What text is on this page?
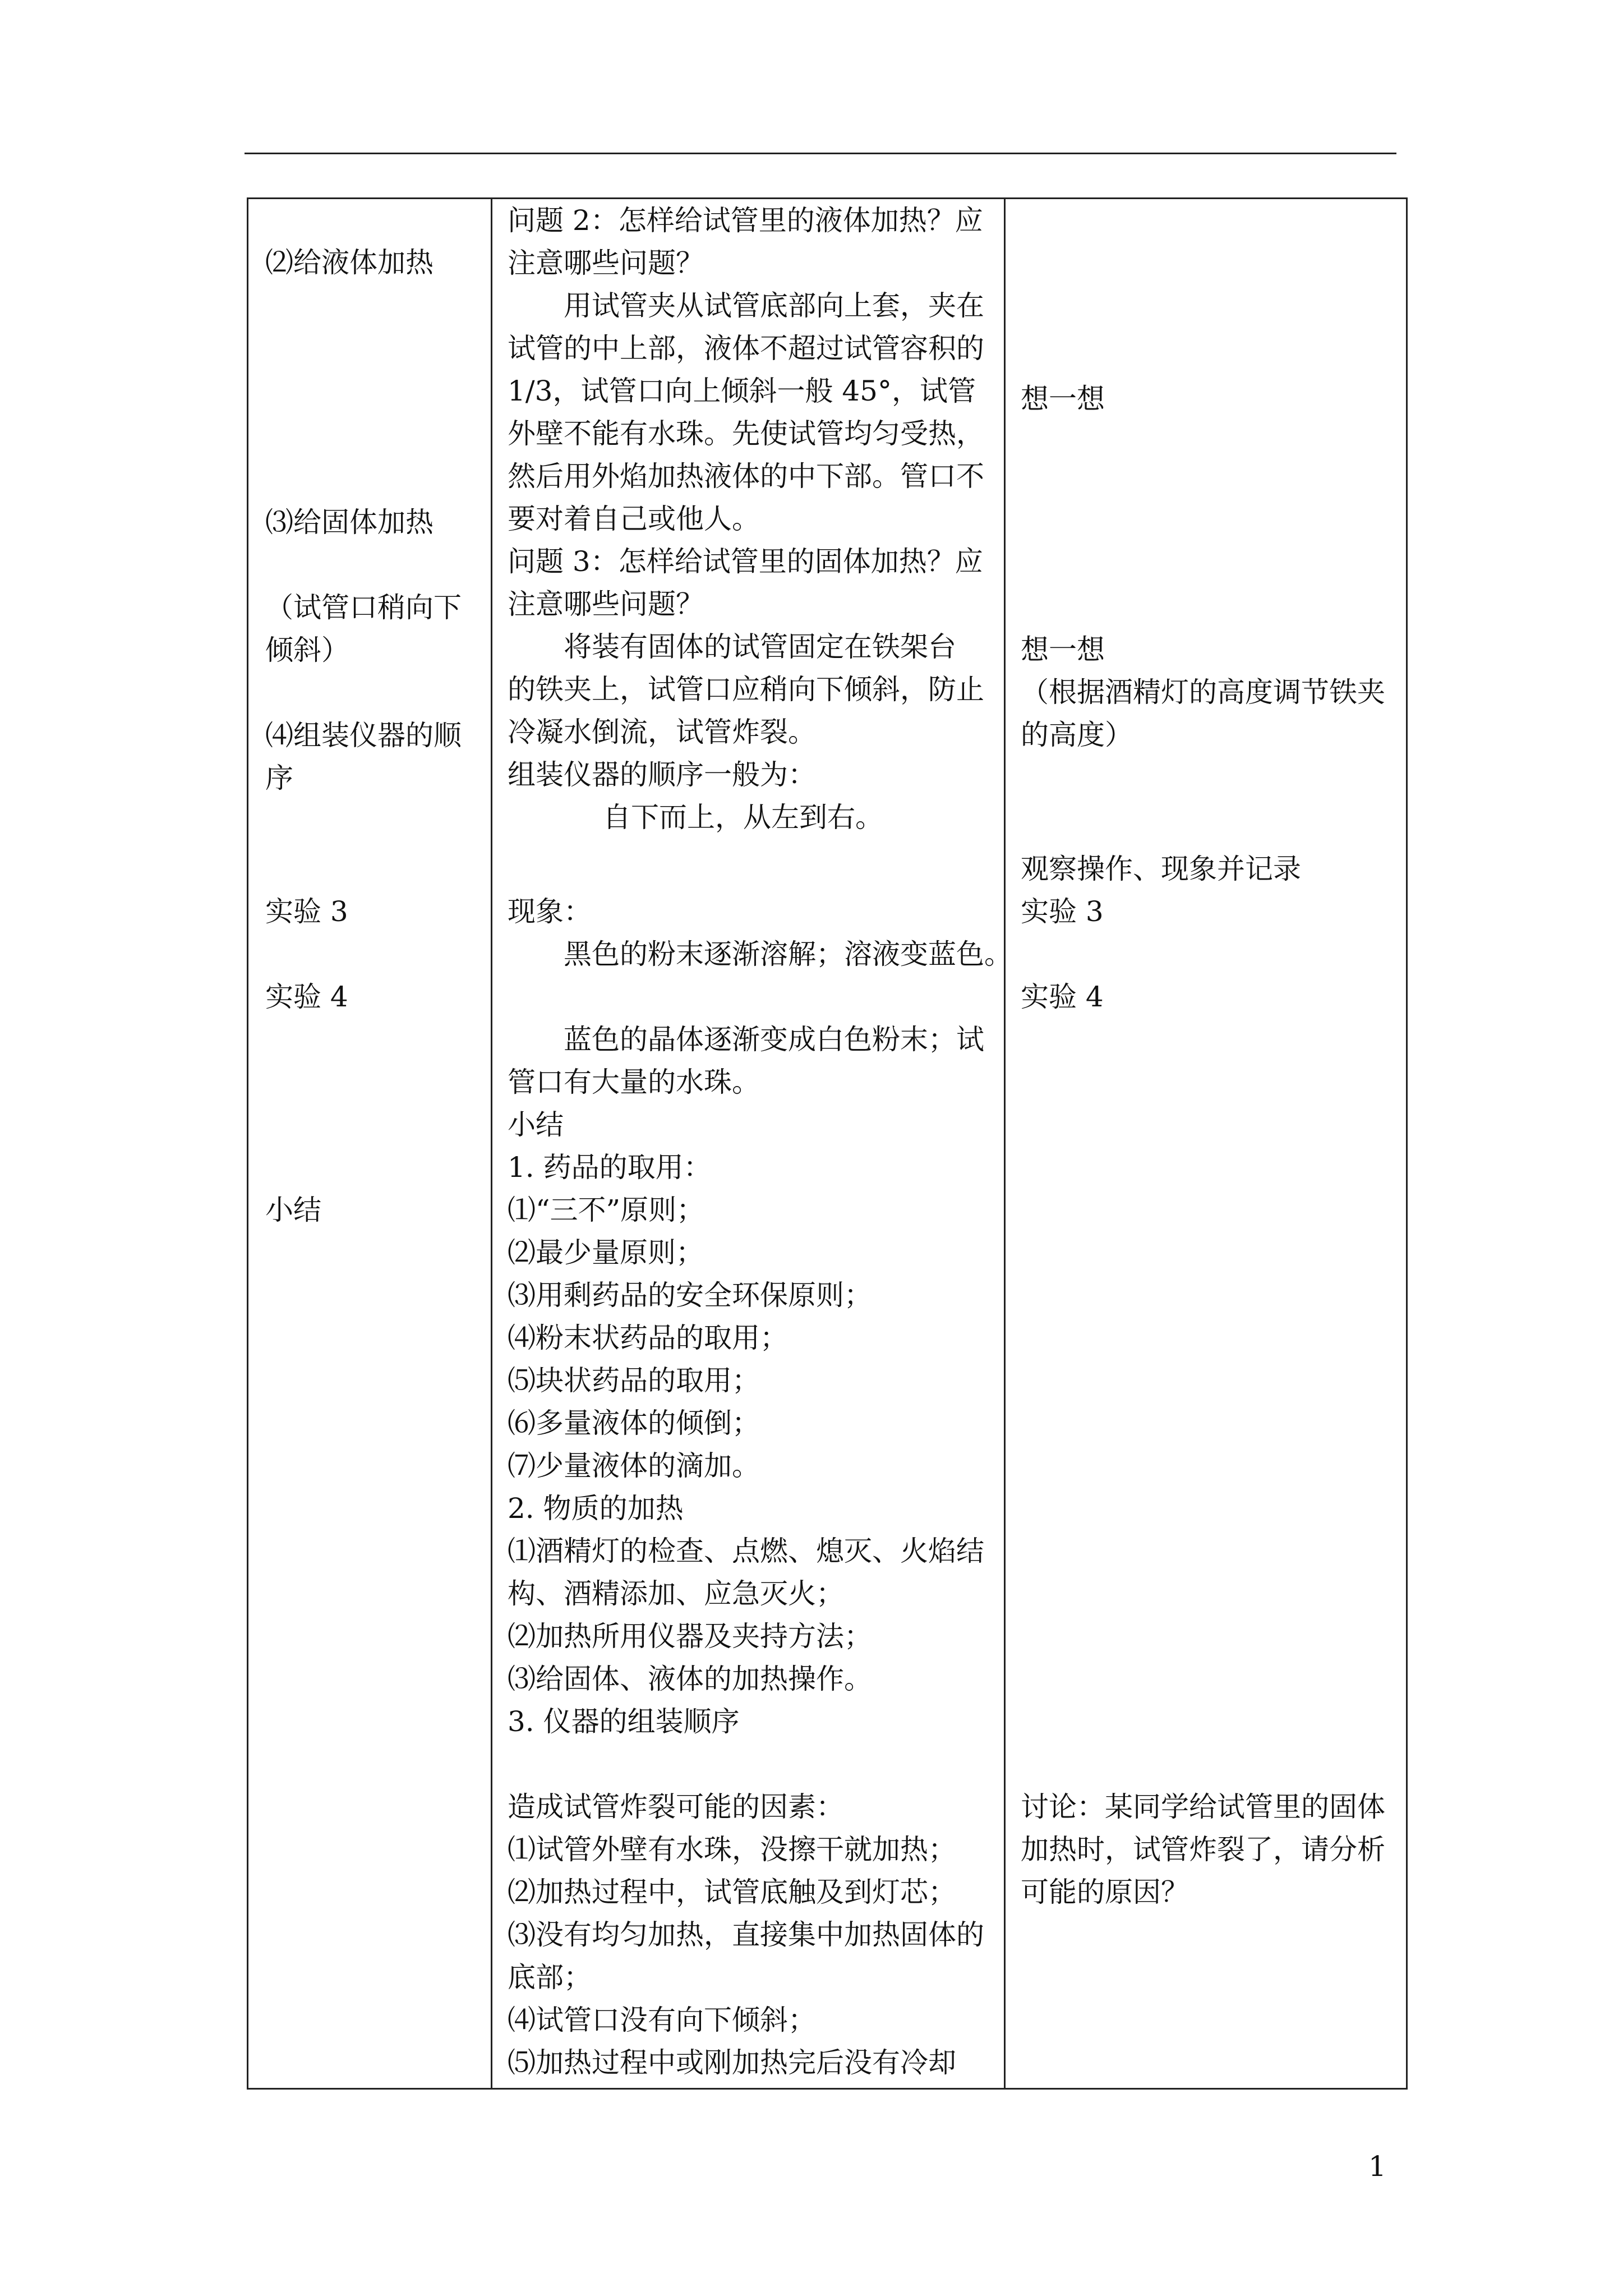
⑵给液体加热
⑶给固体加热
（试管口稍向下
倾斜）
⑷组装仪器的顺
序
实验 3
实验 4
小结
问题 2：怎样给试管里的液体加热？应
注意哪些问题？
用试管夹从试管底部向上套，夹在
试管的中上部，液体不超过试管容积的
1/3，试管口向上倾斜一般 45°，试管
外壁不能有水珠。先使试管均匀受热，
然后用外焰加热液体的中下部。管口不
要对着自己或他人。
问题 3：怎样给试管里的固体加热？应
注意哪些问题？
将装有固体的试管固定在铁架台
的铁夹上，试管口应稍向下倾斜，防止
冷凝水倒流，试管炸裂。
组装仪器的顺序一般为：
自下而上，从左到右。
现象：
黑色的粉末逐渐溶解；溶液变蓝色。
蓝色的晶体逐渐变成白色粉末；试
管口有大量的水珠。
小结
1. 药品的取用：
⑴“三不”原则；
⑵最少量原则；
⑶用剩药品的安全环保原则；
⑷粉末状药品的取用；
⑸块状药品的取用；
⑹多量液体的倾倒；
⑺少量液体的滴加。
2. 物质的加热
⑴酒精灯的检查、点燃、熄灭、火焰结
构、酒精添加、应急灭火；
⑵加热所用仪器及夹持方法；
⑶给固体、液体的加热操作。
3. 仪器的组装顺序
造成试管炸裂可能的因素：
⑴试管外壁有水珠，没擦干就加热；
⑵加热过程中，试管底触及到灯芯；
⑶没有均匀加热，直接集中加热固体的
底部；
⑷试管口没有向下倾斜；
⑸加热过程中或刚加热完后没有冷却
想一想
想一想
（根据酒精灯的高度调节铁夹
的高度）
观察操作、现象并记录
实验 3
实验 4
讨论：某同学给试管里的固体
加热时，试管炸裂了，请分析
可能的原因？
1
